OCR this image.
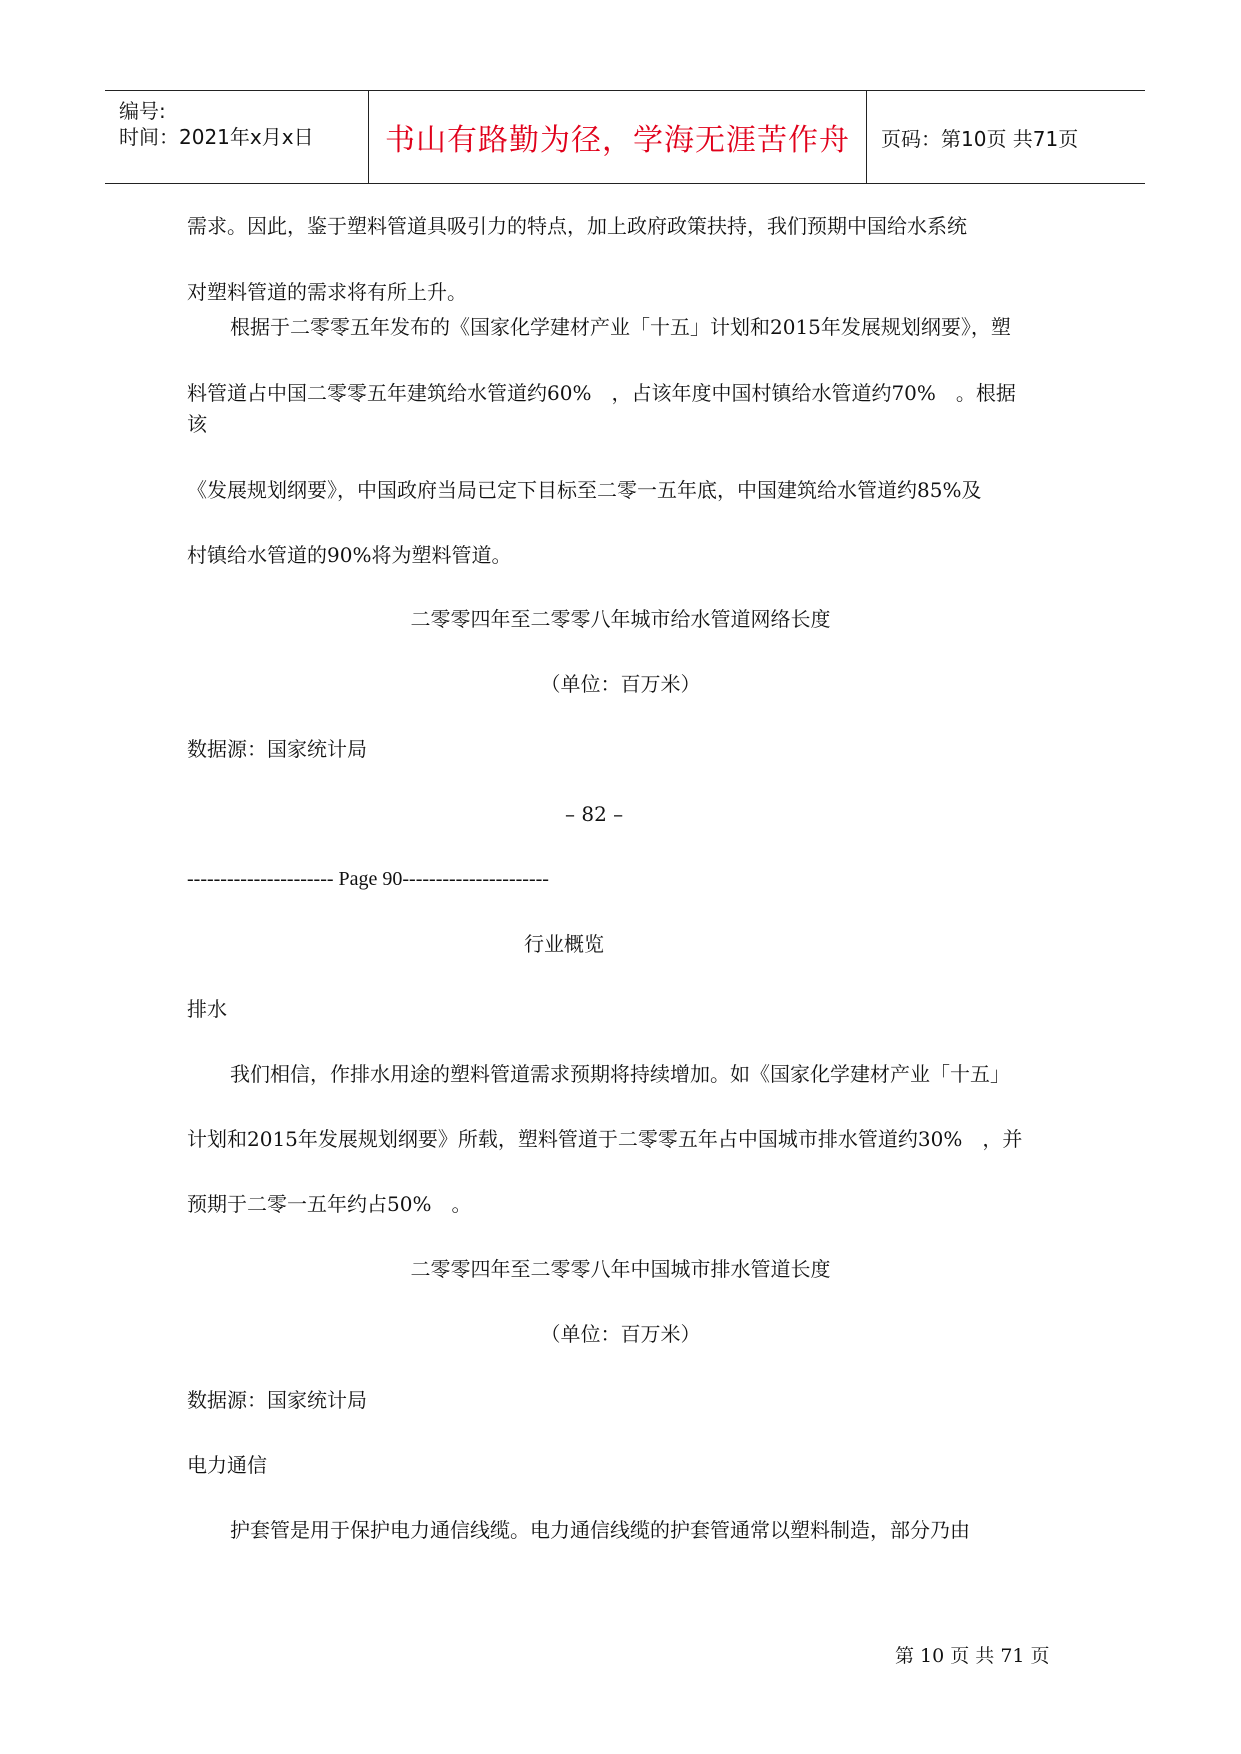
编号:
时间：2021年x月x日 书山有路勤为径，学海无涯苦作舟 页码：第10页 共71页
需求。因此，鉴于塑料管道具吸引力的特点，加上政府政策扶持，我们预期中国给水系统
对塑料管道的需求将有所上升。
根据于二零零五年发布的《国家化学建材产业「十五」计划和2015年发展规划纲要》，塑
料管道占中国二零零五年建筑给水管道约60%　，占该年度中国村镇给水管道约70%　。根据
该
《发展规划纲要》，中国政府当局已定下目标至二零一五年底，中国建筑给水管道约85%及
村镇给水管道的90%将为塑料管道。
二零零四年至二零零八年城市给水管道网络长度
（单位：百万米）
数据源：国家统计局
– 82 –
---------------------- Page 90----------------------
行业概览
排水
我们相信，作排水用途的塑料管道需求预期将持续增加。如《国家化学建材产业「十五」
计划和2015年发展规划纲要》所载，塑料管道于二零零五年占中国城市排水管道约30%　，并
预期于二零一五年约占50%　。
二零零四年至二零零八年中国城市排水管道长度
（单位：百万米）
数据源：国家统计局
电力通信
护套管是用于保护电力通信线缆。电力通信线缆的护套管通常以塑料制造，部分乃由
第 10 页 共 71 页
